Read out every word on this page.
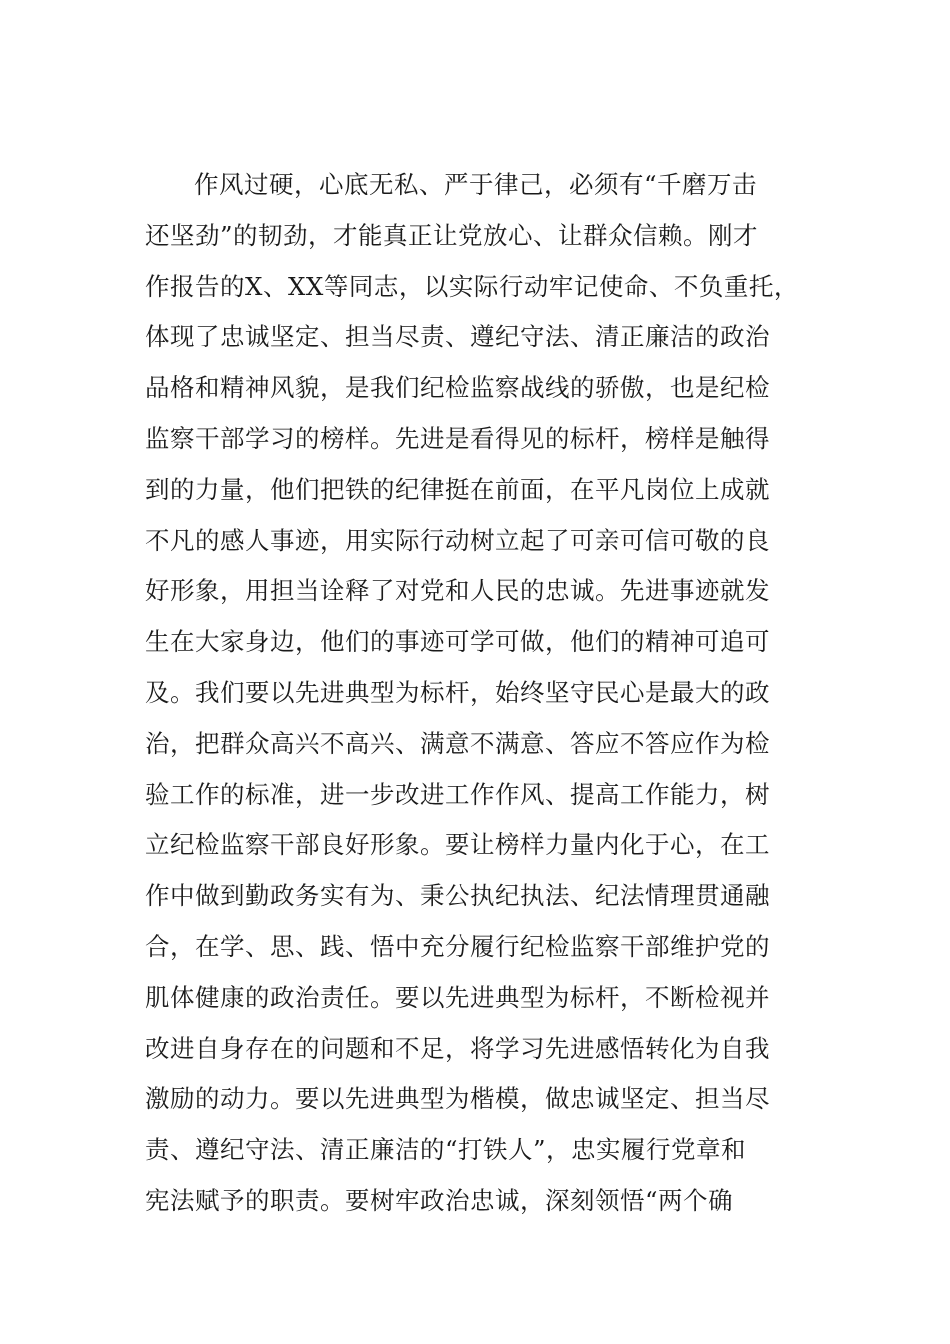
作风过硬，心底无私、严于律己，必须有“千磨万击
还坚劲”的韧劲，才能真正让党放心、让群众信赖。刚才
作报告的X、XX等同志，以实际行动牢记使命、不负重托，
体现了忠诚坚定、担当尽责、遵纪守法、清正廉洁的政治
品格和精神风貌，是我们纪检监察战线的骄傲，也是纪检
监察干部学习的榜样。先进是看得见的标杆，榜样是触得
到的力量，他们把铁的纪律挺在前面，在平凡岗位上成就
不凡的感人事迹，用实际行动树立起了可亲可信可敬的良
好形象，用担当诠释了对党和人民的忠诚。先进事迹就发
生在大家身边，他们的事迹可学可做，他们的精神可追可
及。我们要以先进典型为标杆，始终坚守民心是最大的政
治，把群众高兴不高兴、满意不满意、答应不答应作为检
验工作的标准，进一步改进工作作风、提高工作能力，树
立纪检监察干部良好形象。要让榜样力量内化于心，在工
作中做到勤政务实有为、秉公执纪执法、纪法情理贯通融
合，在学、思、践、悟中充分履行纪检监察干部维护党的
肌体健康的政治责任。要以先进典型为标杆，不断检视并
改进自身存在的问题和不足，将学习先进感悟转化为自我
激励的动力。要以先进典型为楷模，做忠诚坚定、担当尽
责、遵纪守法、清正廉洁的“打铁人”，忠实履行党章和
宪法赋予的职责。要树牢政治忠诚，深刻领悟“两个确
